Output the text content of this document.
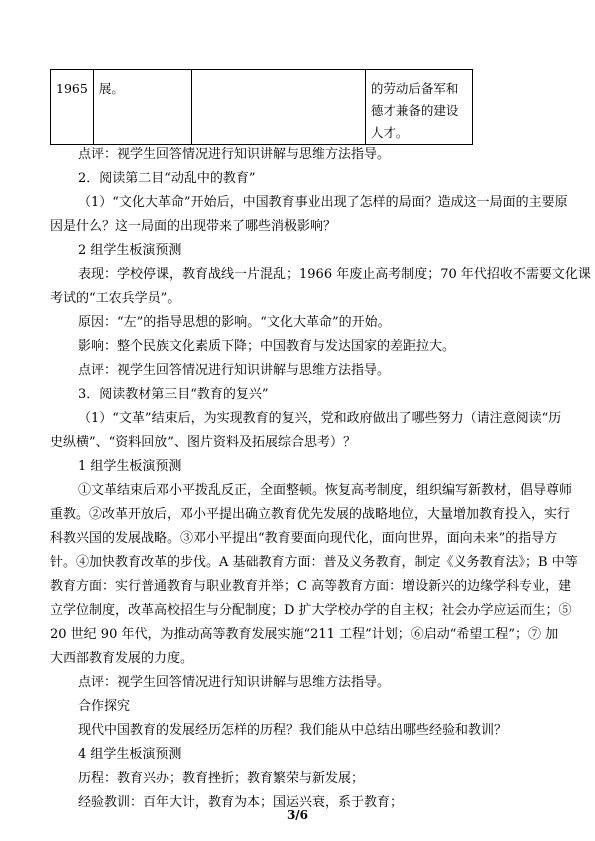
1965	展。		的劳动后备军和
德才兼备的建设
人才。
点评：视学生回答情况进行知识讲解与思维方法指导。
2．阅读第二目“动乱中的教育”
（1）“文化大革命”开始后，中国教育事业出现了怎样的局面？造成这一局面的主要原
因是什么？这一局面的出现带来了哪些消极影响？
2 组学生板演预测
表现：学校停课，教育战线一片混乱；1966 年废止高考制度；70 年代招收不需要文化课
考试的“工农兵学员”。
原因：“左”的指导思想的影响。“文化大革命”的开始。
影响：整个民族文化素质下降；中国教育与发达国家的差距拉大。
点评：视学生回答情况进行知识讲解与思维方法指导。
3．阅读教材第三目“教育的复兴”
（1）“文革”结束后，为实现教育的复兴，党和政府做出了哪些努力（请注意阅读“历
史纵横”、“资料回放”、图片资料及拓展综合思考）？
1 组学生板演预测
①文革结束后邓小平拨乱反正，全面整顿。恢复高考制度，组织编写新教材，倡导尊师
重教。②改革开放后，邓小平提出确立教育优先发展的战略地位，大量增加教育投入，实行
科教兴国的发展战略。③邓小平提出“教育要面向现代化，面向世界，面向未来”的指导方
针。④加快教育改革的步伐。A 基础教育方面：普及义务教育，制定《义务教育法》；B 中等
教育方面：实行普通教育与职业教育并举；C 高等教育方面：增设新兴的边缘学科专业，建
立学位制度，改革高校招生与分配制度；D 扩大学校办学的自主权；社会办学应运而生；⑤
20 世纪 90 年代，为推动高等教育发展实施“211 工程”计划；⑥启动“希望工程”；⑦ 加
大西部教育发展的力度。
点评：视学生回答情况进行知识讲解与思维方法指导。
合作探究
现代中国教育的发展经历怎样的历程？我们能从中总结出哪些经验和教训？
4 组学生板演预测
历程：教育兴办；教育挫折；教育繁荣与新发展；
经验教训：百年大计，教育为本；国运兴衰，系于教育；
3/6
